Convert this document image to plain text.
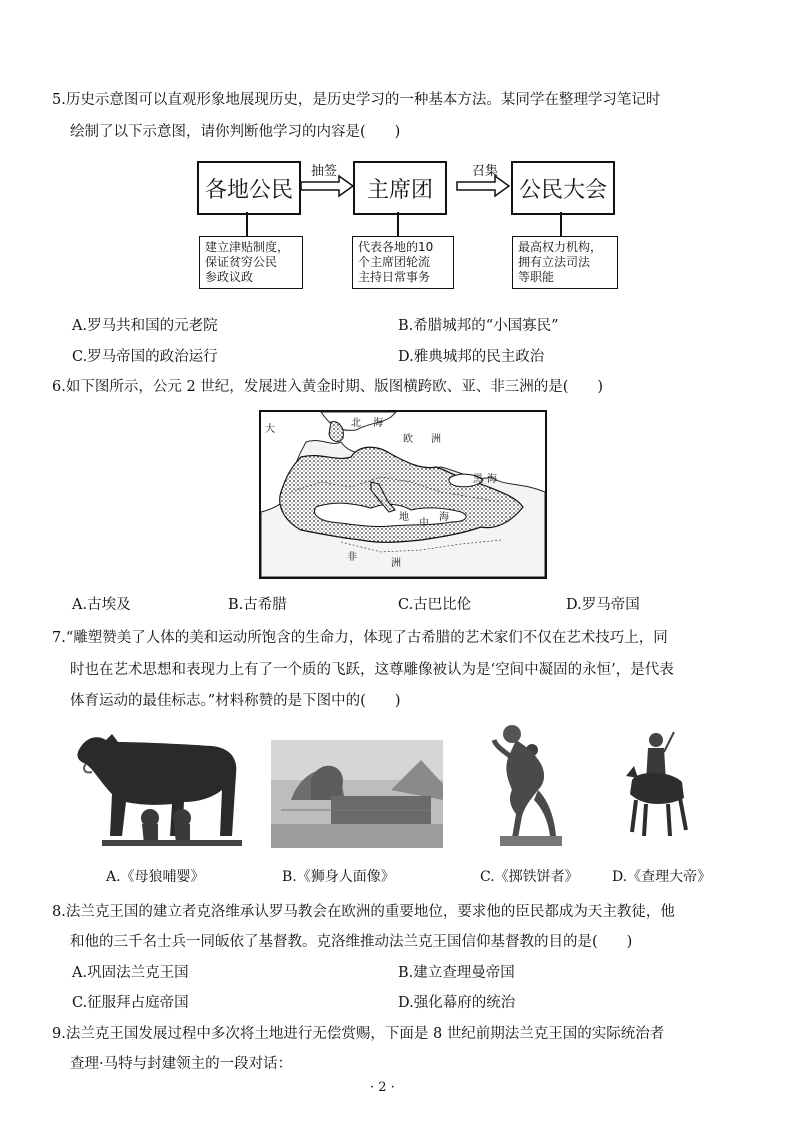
5.历史示意图可以直观形象地展现历史，是历史学习的一种基本方法。某同学在整理学习笔记时
绘制了以下示意图，请你判断他学习的内容是(　　)
各地公民	主席团	公民大会
抽签	召集
建立津贴制度，
保证贫穷公民
参政议政
代表各地的10
个主席团轮流
主持日常事务
最高权力机构，
拥有立法司法
等职能
A.罗马共和国的元老院	B.希腊城邦的“小国寡民”
C.罗马帝国的政治运行	D.雅典城邦的民主政治
6.如下图所示，公元 2 世纪，发展进入黄金时期、版图横跨欧、亚、非三洲的是(　　)
大
北 海
欧 洲
黑 海
地
中
海
非
洲
A.古埃及	B.古希腊	C.古巴比伦	D.罗马帝国
7.“雕塑赞美了人体的美和运动所饱含的生命力，体现了古希腊的艺术家们不仅在艺术技巧上，同
时也在艺术思想和表现力上有了一个质的飞跃，这尊雕像被认为是‘空间中凝固的永恒’，是代表
体育运动的最佳标志。”材料称赞的是下图中的(　　)
A.《母狼哺婴》	B.《狮身人面像》	C.《掷铁饼者》 D.《查理大帝》
8.法兰克王国的建立者克洛维承认罗马教会在欧洲的重要地位，要求他的臣民都成为天主教徒，他
和他的三千名士兵一同皈依了基督教。克洛维推动法兰克王国信仰基督教的目的是(　　)
A.巩固法兰克王国	B.建立查理曼帝国
C.征服拜占庭帝国	D.强化幕府的统治
9.法兰克王国发展过程中多次将土地进行无偿赏赐，下面是 8 世纪前期法兰克王国的实际统治者
查理·马特与封建领主的一段对话：
· 2 ·
